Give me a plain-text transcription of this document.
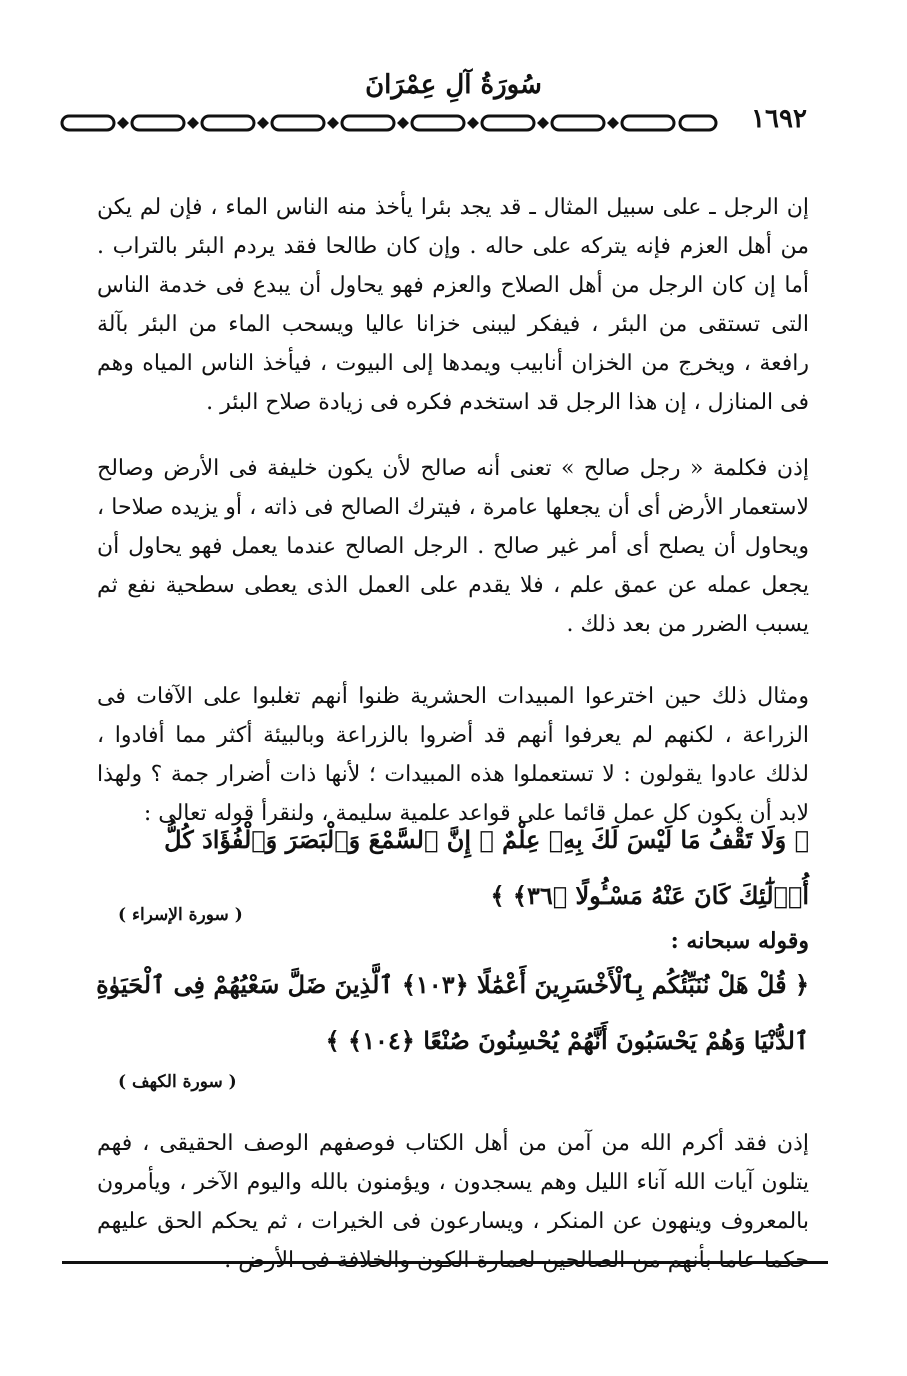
سُورَةُ آلِ عِمْرَانَ
١٦٩٢

إن الرجل ـ على سبيل المثال ـ قد يجد بئرا يأخذ منه الناس الماء ، فإن لم يكن من أهل العزم فإنه يتركه على حاله . وإن كان طالحا فقد يردم البئر بالتراب . أما إن كان الرجل من أهل الصلاح والعزم فهو يحاول أن يبدع فى خدمة الناس التى تستقى من البئر ، فيفكر ليبنى خزانا عاليا ويسحب الماء من البئر بآلة رافعة ، ويخرج من الخزان أنابيب ويمدها إلى البيوت ، فيأخذ الناس المياه وهم فى المنازل ، إن هذا الرجل قد استخدم فكره فى زيادة صلاح البئر .

إذن فكلمة « رجل صالح » تعنى أنه صالح لأن يكون خليفة فى الأرض وصالح لاستعمار الأرض أى أن يجعلها عامرة ، فيترك الصالح فى ذاته ، أو يزيده صلاحا ، ويحاول أن يصلح أى أمر غير صالح . الرجل الصالح عندما يعمل فهو يحاول أن يجعل عمله عن عمق علم ، فلا يقدم على العمل الذى يعطى سطحية نفع ثم يسبب الضرر من بعد ذلك .

ومثال ذلك حين اخترعوا المبيدات الحشرية ظنوا أنهم تغلبوا على الآفات فى الزراعة ، لكنهم لم يعرفوا أنهم قد أضروا بالزراعة وبالبيئة أكثر مما أفادوا ، لذلك عادوا يقولون : لا تستعملوا هذه المبيدات ؛ لأنها ذات أضرار جمة ؟ ولهذا لابد أن يكون كل عمل قائما على قواعد علمية سليمة ، ولنقرأ قوله تعالى :

﴿ وَلَا تَقْفُ مَا لَيْسَ لَكَ بِهِۦ عِلْمٌ ۚ إِنَّ ٱلسَّمْعَ وَٱلْبَصَرَ وَٱلْفُؤَادَ كُلُّ أُو۟لَٰٓئِكَ كَانَ عَنْهُ مَسْـُٔولًا ﴿٣٦﴾ ﴾
( سورة الإسراء )
وقوله سبحانه :
﴿ قُلْ هَلْ نُنَبِّئُكُم بِٱلْأَخْسَرِينَ أَعْمَٰلًا ﴿١٠٣﴾ ٱلَّذِينَ ضَلَّ سَعْيُهُمْ فِى ٱلْحَيَوٰةِ ٱلدُّنْيَا وَهُمْ يَحْسَبُونَ أَنَّهُمْ يُحْسِنُونَ صُنْعًا ﴿١٠٤﴾ ﴾
( سورة الكهف )

إذن فقد أكرم الله من آمن من أهل الكتاب فوصفهم الوصف الحقيقى ، فهم يتلون آيات الله آناء الليل وهم يسجدون ، ويؤمنون بالله واليوم الآخر ، ويأمرون بالمعروف وينهون عن المنكر ، ويسارعون فى الخيرات ، ثم يحكم الحق عليهم
